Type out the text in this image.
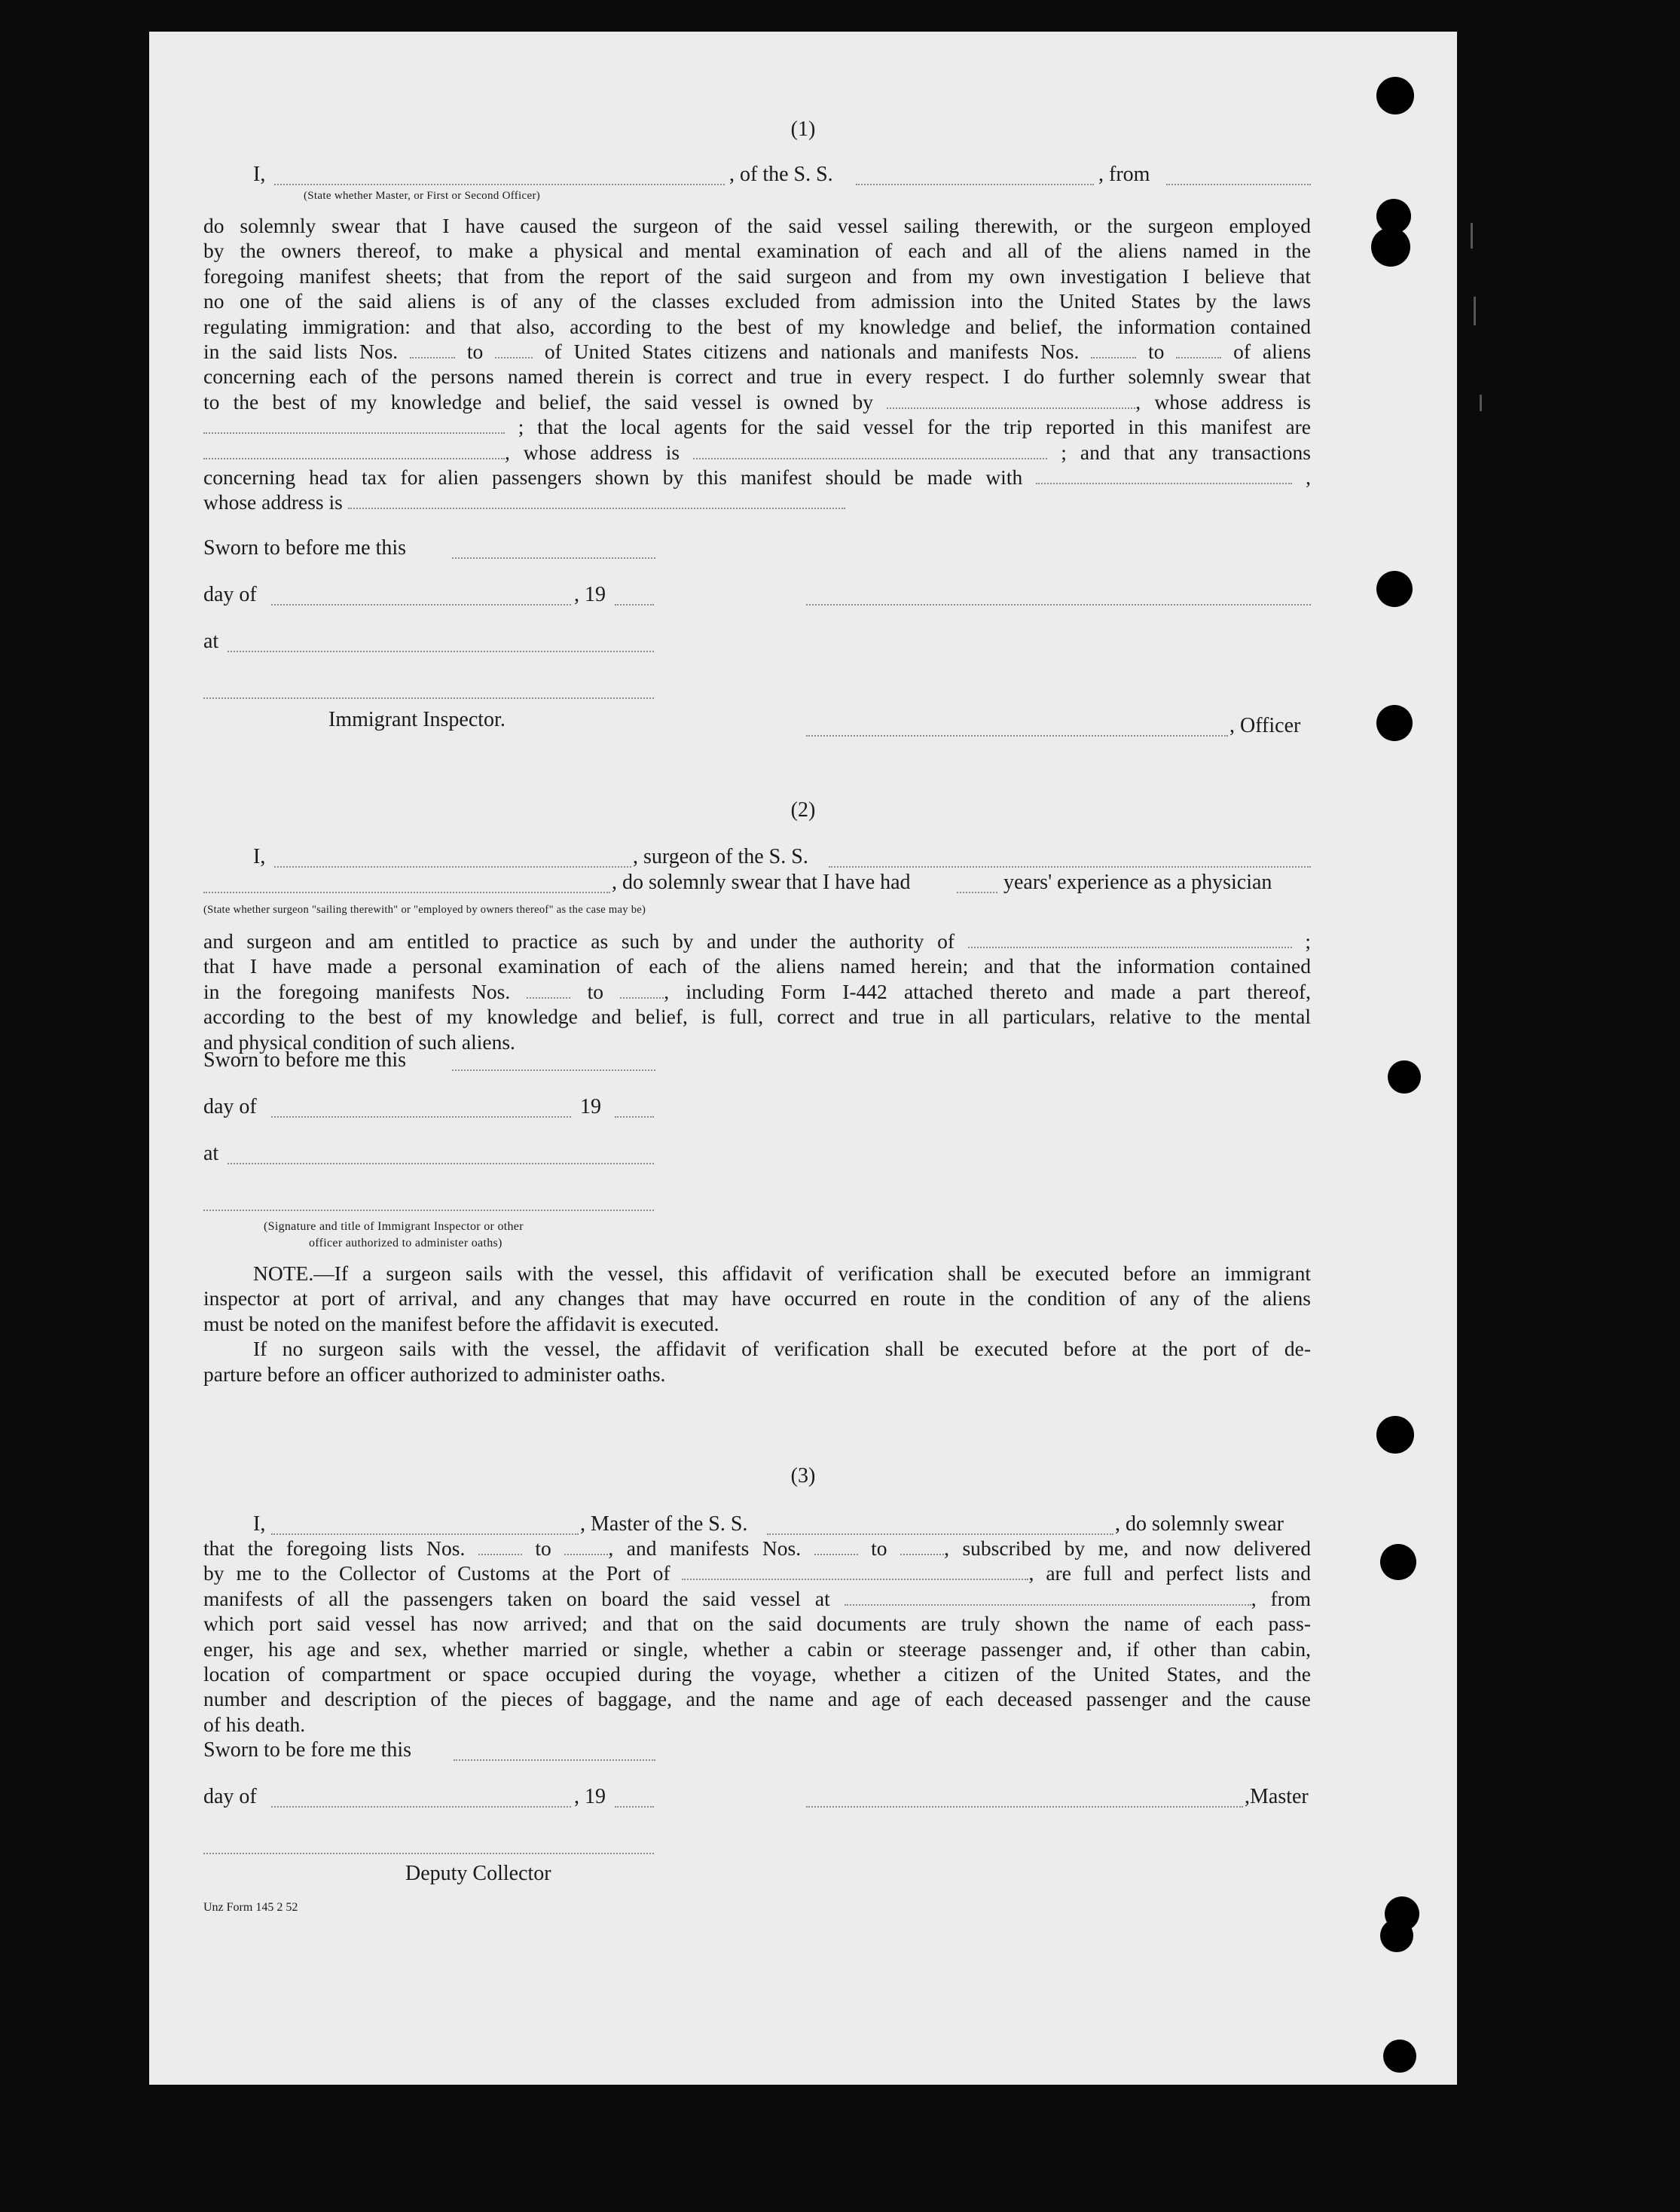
(1)
I,	, of the S. S.	, from
(State whether Master, or First or Second Officer)
do solemnly swear that I have caused the surgeon of the said vessel sailing therewith, or the surgeon employed
by the owners thereof, to make a physical and mental examination of each and all of the aliens named in the
foregoing manifest sheets; that from the report of the said surgeon and from my own investigation I believe that
no one of the said aliens is of any of the classes excluded from admission into the United States by the laws
regulating immigration: and that also, according to the best of my knowledge and belief, the information contained
in the said lists Nos.	to	of United States citizens and nationals and manifests Nos.	to	of aliens
concerning each of the persons named therein is correct and true in every respect. I do further solemnly swear that
to the best of my knowledge and belief, the said vessel is owned by	, whose address is
; that the local agents for the said vessel for the trip reported in this manifest are
, whose address is	; and that any transactions
concerning head tax for alien passengers shown by this manifest should be made with	,
whose address is
Sworn to before me this
day of	, 19
at
, Officer
Immigrant Inspector.
(2)
I,	, surgeon of the S. S.
, do solemnly swear that I have had	years' experience as a physician
(State whether surgeon "sailing therewith" or "employed by owners thereof" as the case may be)
and surgeon and am entitled to practice as such by and under the authority of	;
that I have made a personal examination of each of the aliens named herein; and that the information contained
in the foregoing manifests Nos.	to	, including Form I-442 attached thereto and made a part thereof,
according to the best of my knowledge and belief, is full, correct and true in all particulars, relative to the mental
and physical condition of such aliens.
Sworn to before me this
day of	19
at
(Signature and title of Immigrant Inspector or other
officer authorized to administer oaths)
NOTE.—If a surgeon sails with the vessel, this affidavit of verification shall be executed before an immigrant
inspector at port of arrival, and any changes that may have occurred en route in the condition of any of the aliens
must be noted on the manifest before the affidavit is executed.
If no surgeon sails with the vessel, the affidavit of verification shall be executed before at the port of de-
parture before an officer authorized to administer oaths.
(3)
I,	, Master of the S. S.	, do solemnly swear
that the foregoing lists Nos.	to	, and manifests Nos.	to	, subscribed by me, and now delivered
by me to the Collector of Customs at the Port of	, are full and perfect lists and
manifests of all the passengers taken on board the said vessel at	, from
which port said vessel has now arrived; and that on the said documents are truly shown the name of each pass-
enger, his age and sex, whether married or single, whether a cabin or steerage passenger and, if other than cabin,
location of compartment or space occupied during the voyage, whether a citizen of the United States, and the
number and description of the pieces of baggage, and the name and age of each deceased passenger and the cause
of his death.
Sworn to be fore me this
day of	, 19	,Master
Deputy Collector
Unz Form 145 2 52
